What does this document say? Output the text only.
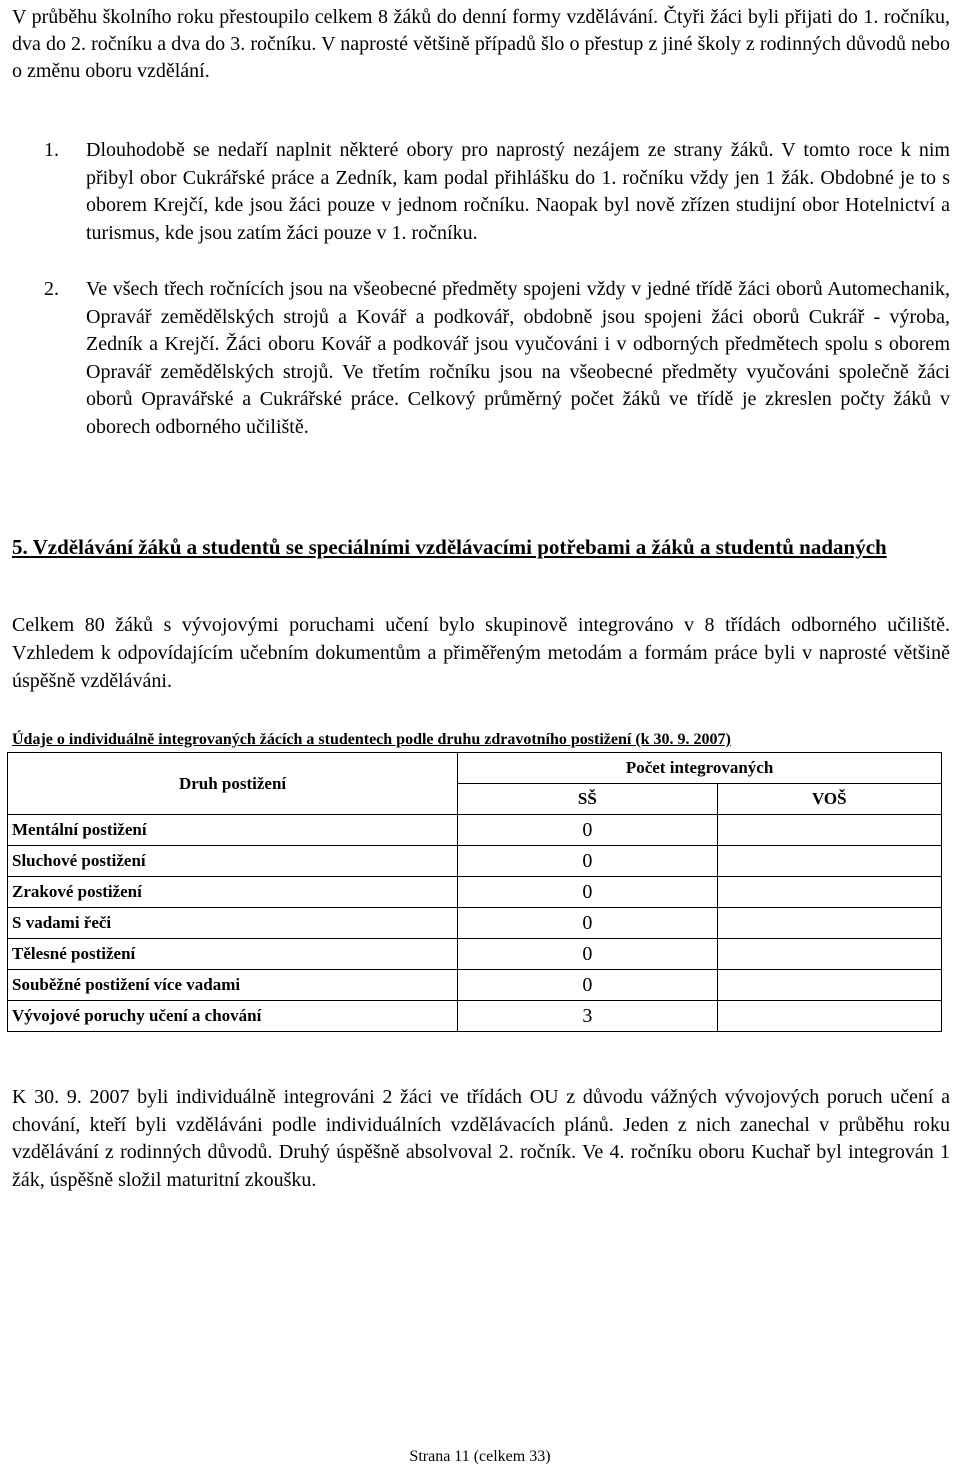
V průběhu školního roku přestoupilo celkem 8 žáků do denní formy vzdělávání. Čtyři žáci byli přijati do 1. ročníku, dva do 2. ročníku a dva do 3. ročníku. V naprosté většině případů šlo o přestup z jiné školy z rodinných důvodů nebo o změnu oboru vzdělání.

1.	Dlouhodobě se nedaří naplnit některé obory pro naprostý nezájem ze strany žáků. V tomto roce k nim přibyl obor Cukrářské práce a Zedník, kam podal přihlášku do 1. ročníku vždy jen 1 žák. Obdobné je to s oborem Krejčí, kde jsou žáci pouze v jednom ročníku. Naopak byl nově zřízen studijní obor Hotelnictví a turismus, kde jsou zatím žáci pouze v 1. ročníku.
2.	Ve všech třech ročnících jsou na všeobecné předměty spojeni vždy v jedné třídě žáci oborů Automechanik, Opravář zemědělských strojů a Kovář a podkovář, obdobně jsou spojeni žáci oborů Cukrář - výroba, Zedník a Krejčí. Žáci oboru Kovář a podkovář jsou vyučováni i v odborných předmětech spolu s oborem Opravář zemědělských strojů. Ve třetím ročníku jsou na všeobecné předměty vyučováni společně žáci oborů Opravářské a Cukrářské práce. Celkový průměrný počet žáků ve třídě je zkreslen počty žáků v oborech odborného učiliště.
5. Vzdělávání žáků a studentů se speciálními vzdělávacími potřebami a žáků a studentů nadaných

Celkem 80 žáků s vývojovými poruchami učení bylo skupinově integrováno v 8 třídách odborného učiliště. Vzhledem k odpovídajícím učebním dokumentům a přiměřeným metodám a formám práce byli v naprosté většině úspěšně vzděláváni.

Údaje o individuálně integrovaných žácích a studentech podle druhu zdravotního postižení (k 30. 9. 2007)
Druh postižení	Počet integrovaných	
	SŠ	VOŠ
Mentální postižení	0	
Sluchové postižení	0	
Zrakové postižení	0	
S vadami řeči	0	
Tělesné postižení	0	
Souběžné postižení více vadami	0	
Vývojové poruchy učení a chování	3	

K 30. 9. 2007 byli individuálně integrováni 2 žáci ve třídách OU z důvodu vážných vývojových poruch učení a chování, kteří byli vzděláváni podle individuálních vzdělávacích plánů. Jeden z nich zanechal v průběhu roku vzdělávání z rodinných důvodů. Druhý úspěšně absolvoval 2. ročník. Ve 4. ročníku oboru Kuchař byl integrován 1 žák, úspěšně složil maturitní zkoušku.

Strana 11 (celkem 33)
